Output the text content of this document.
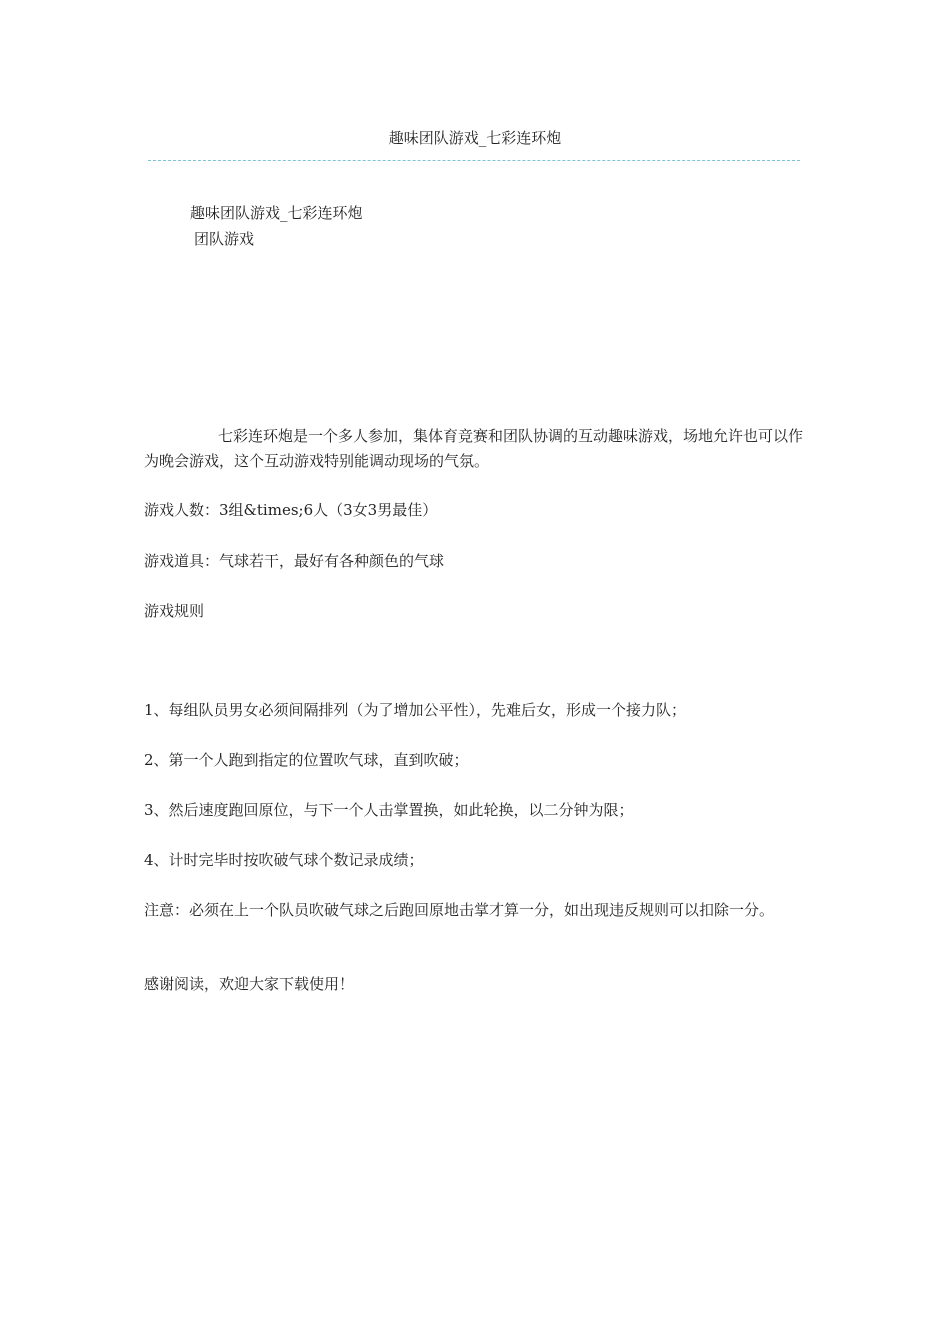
趣味团队游戏_七彩连环炮
趣味团队游戏_七彩连环炮
团队游戏

七彩连环炮是一个多人参加，集体育竞赛和团队协调的互动趣味游戏，场地允许也可以作为晚会游戏，这个互动游戏特别能调动现场的气氛。

游戏人数：3组&times;6人（3女3男最佳）

游戏道具：气球若干，最好有各种颜色的气球

游戏规则

1、每组队员男女必须间隔排列（为了增加公平性），先难后女，形成一个接力队；

2、第一个人跑到指定的位置吹气球，直到吹破；

3、然后速度跑回原位，与下一个人击掌置换，如此轮换，以二分钟为限；

4、计时完毕时按吹破气球个数记录成绩；

注意：必须在上一个队员吹破气球之后跑回原地击掌才算一分，如出现违反规则可以扣除一分。

感谢阅读，欢迎大家下载使用！
